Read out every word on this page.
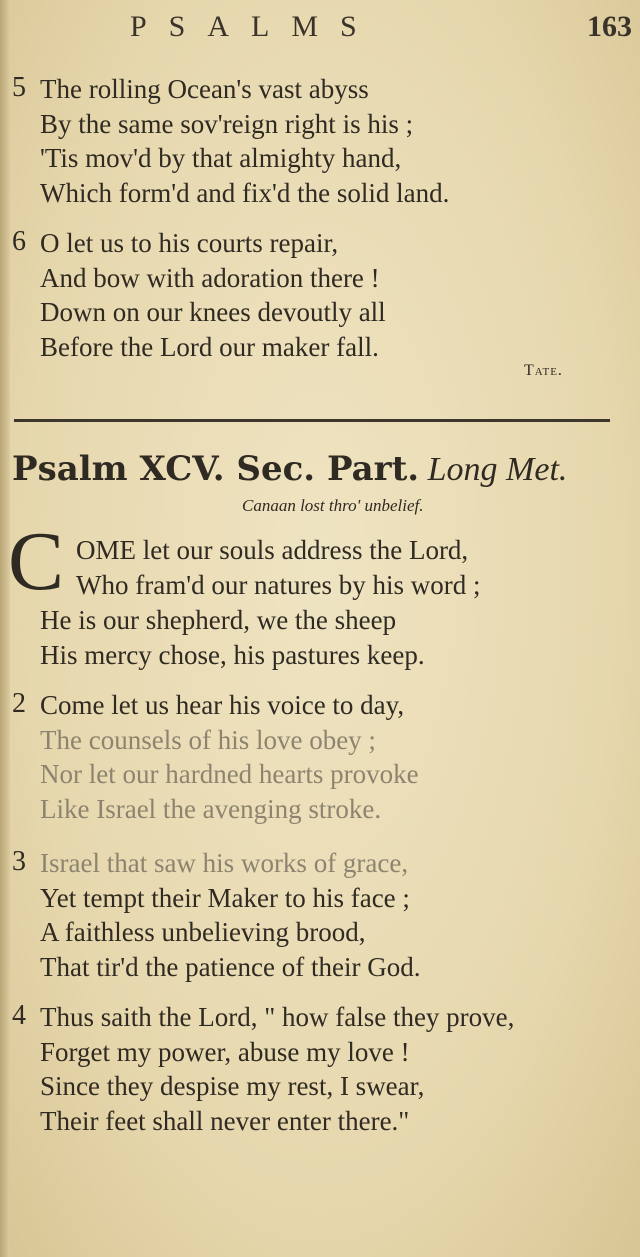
PSALMS	163
5 The rolling Ocean's vast abyss
By the same sov'reign right is his ;
'Tis mov'd by that almighty hand,
Which form'd and fix'd the solid land.
6 O let us to his courts repair,
And bow with adoration there !
Down on our knees devoutly all
Before the Lord our maker fall.
Tate.
Psalm XCV. Sec. Part. Long Met.
Canaan lost thro' unbelief.
C OME let our souls address the Lord,
Who fram'd our natures by his word ;
He is our shepherd, we the sheep
His mercy chose, his pastures keep.
2 Come let us hear his voice to day,
The counsels of his love obey ;
Nor let our hardned hearts provoke
Like Israel the avenging stroke.
3 Israel that saw his works of grace,
Yet tempt their Maker to his face ;
A faithless unbelieving brood,
That tir'd the patience of their God.
4 Thus saith the Lord, " how false they prove,
Forget my power, abuse my love !
Since they despise my rest, I swear,
Their feet shall never enter there."
